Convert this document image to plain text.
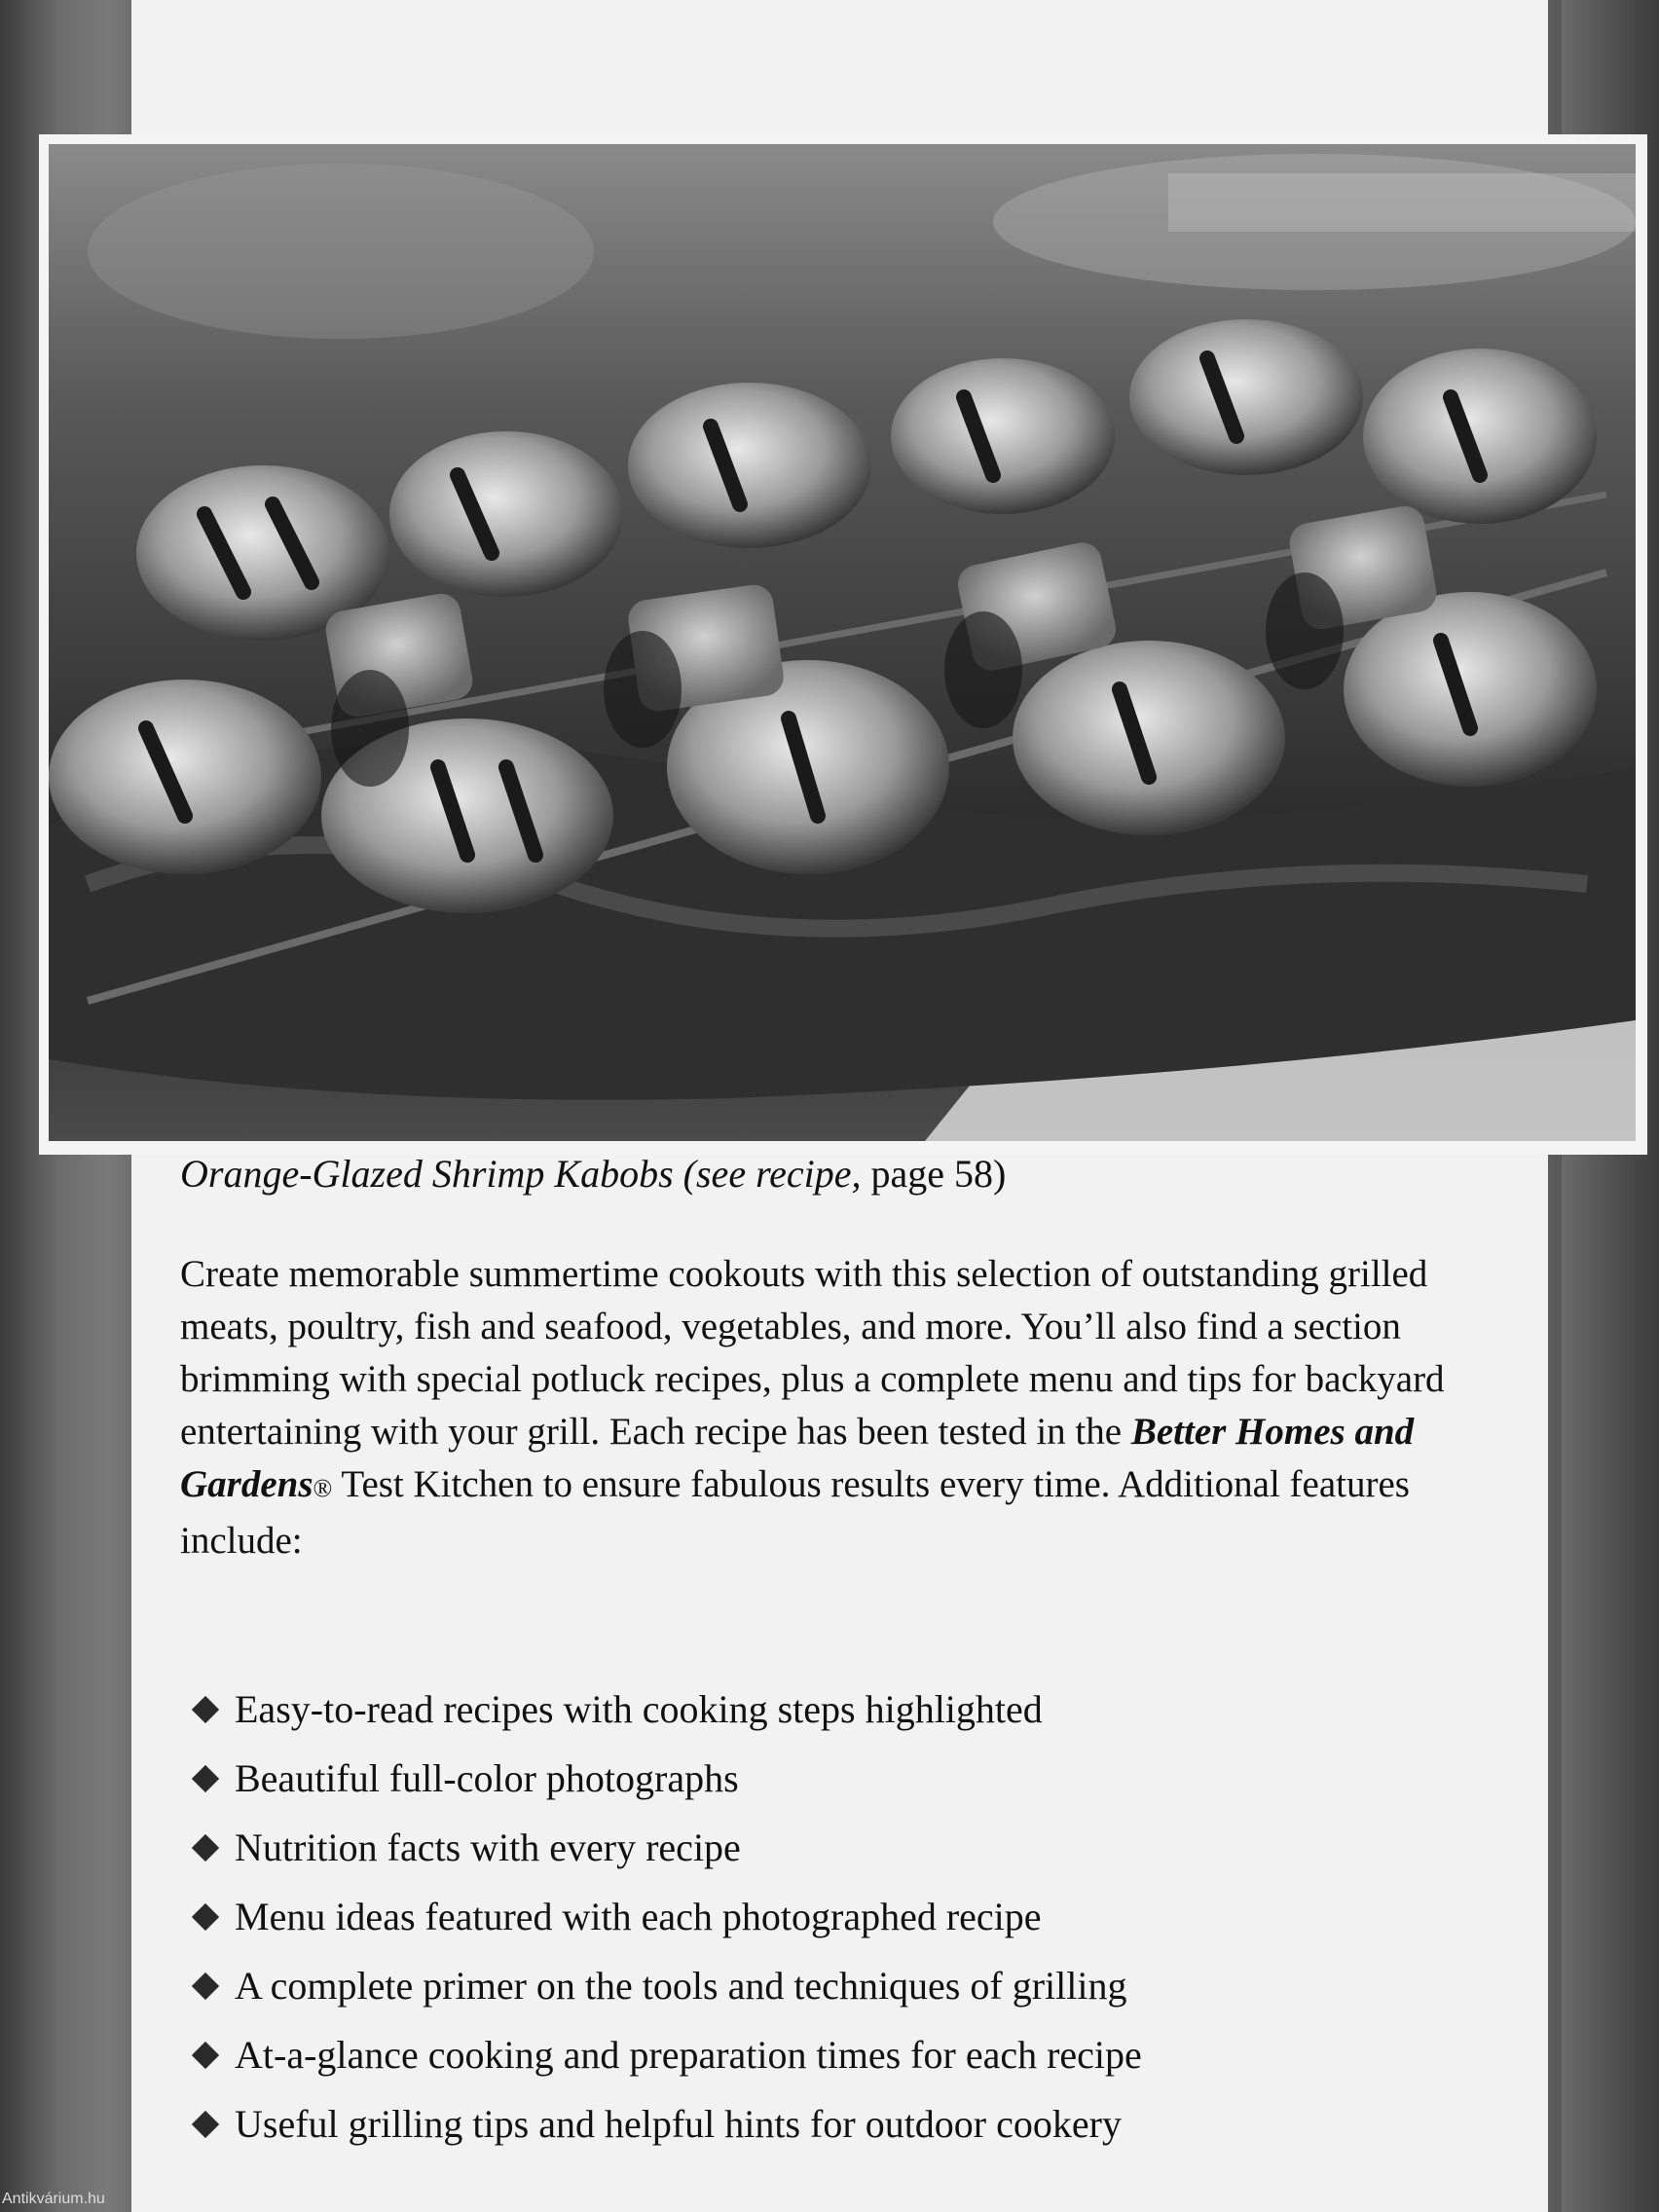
Orange-Glazed Shrimp Kabobs (see recipe, page 58)
Create memorable summertime cookouts with this selection of outstanding grilled meats, poultry, fish and seafood, vegetables, and more. You’ll also find a section brimming with special potluck recipes, plus a complete menu and tips for backyard entertaining with your grill. Each recipe has been tested in the Better Homes and Gardens® Test Kitchen to ensure fabulous results every time. Additional features include:
Easy-to-read recipes with cooking steps highlighted
Beautiful full-color photographs
Nutrition facts with every recipe
Menu ideas featured with each photographed recipe
A complete primer on the tools and techniques of grilling
At-a-glance cooking and preparation times for each recipe
Useful grilling tips and helpful hints for outdoor cookery
Antikvárium.hu
